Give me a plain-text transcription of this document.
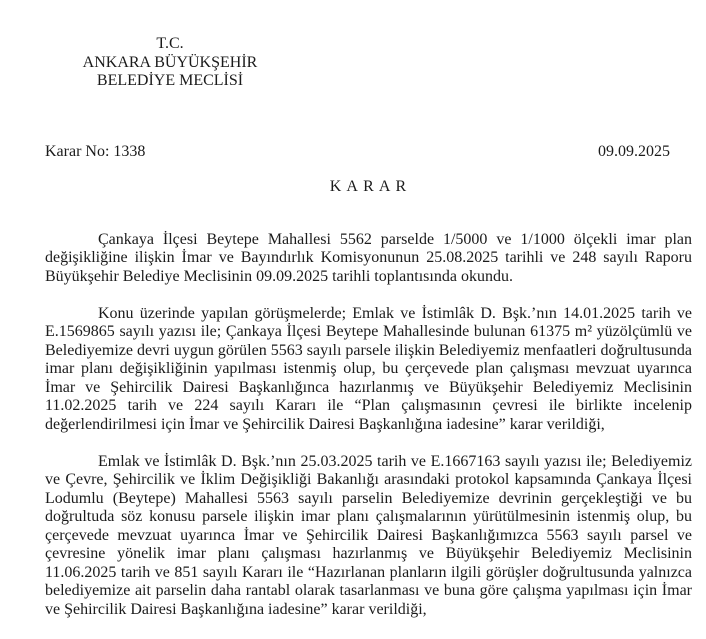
T.C.
ANKARA BÜYÜKŞEHİR
BELEDİYE MECLİSİ
Karar No: 1338	09.09.2025
K A R A R

Çankaya İlçesi Beytepe Mahallesi 5562 parselde 1/5000 ve 1/1000 ölçekli imar plan değişikliğine ilişkin İmar ve Bayındırlık Komisyonunun 25.08.2025 tarihli ve 248 sayılı Raporu Büyükşehir Belediye Meclisinin 09.09.2025 tarihli toplantısında okundu.

Konu üzerinde yapılan görüşmelerde; Emlak ve İstimlâk D. Bşk.’nın 14.01.2025 tarih ve E.1569865 sayılı yazısı ile; Çankaya İlçesi Beytepe Mahallesinde bulunan 61375 m² yüzölçümlü ve Belediyemize devri uygun görülen 5563 sayılı parsele ilişkin Belediyemiz menfaatleri doğrultusunda imar planı değişikliğinin yapılması istenmiş olup, bu çerçevede plan çalışması mevzuat uyarınca İmar ve Şehircilik Dairesi Başkanlığınca hazırlanmış ve Büyükşehir Belediyemiz Meclisinin 11.02.2025 tarih ve 224 sayılı Kararı ile “Plan çalışmasının çevresi ile birlikte incelenip değerlendirilmesi için İmar ve Şehircilik Dairesi Başkanlığına iadesine” karar verildiği,

Emlak ve İstimlâk D. Bşk.’nın 25.03.2025 tarih ve E.1667163 sayılı yazısı ile; Belediyemiz ve Çevre, Şehircilik ve İklim Değişikliği Bakanlığı arasındaki protokol kapsamında Çankaya İlçesi Lodumlu (Beytepe) Mahallesi 5563 sayılı parselin Belediyemize devrinin gerçekleştiği ve bu doğrultuda söz konusu parsele ilişkin imar planı çalışmalarının yürütülmesinin istenmiş olup, bu çerçevede mevzuat uyarınca İmar ve Şehircilik Dairesi Başkanlığımızca 5563 sayılı parsel ve çevresine yönelik imar planı çalışması hazırlanmış ve Büyükşehir Belediyemiz Meclisinin 11.06.2025 tarih ve 851 sayılı Kararı ile “Hazırlanan planların ilgili görüşler doğrultusunda yalnızca belediyemize ait parselin daha rantabl olarak tasarlanması ve buna göre çalışma yapılması için İmar ve Şehircilik Dairesi Başkanlığına iadesine” karar verildiği,
